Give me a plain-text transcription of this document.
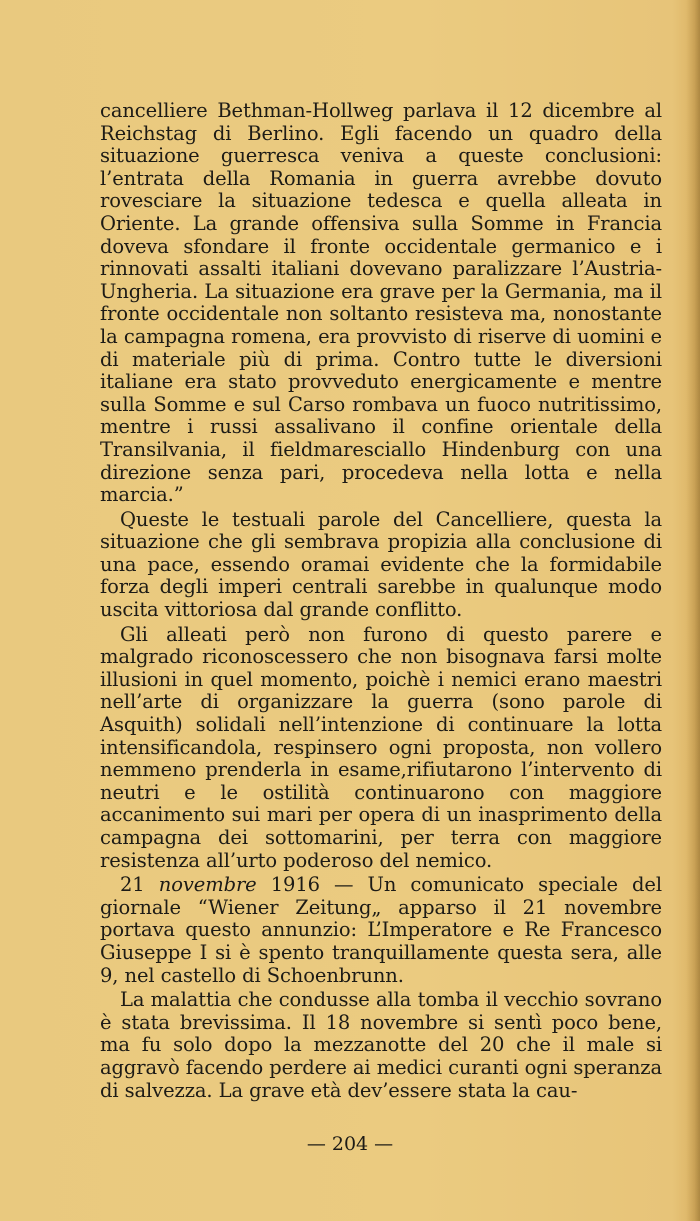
cancelliere Bethman-Hollweg parlava il 12 dicembre al Reichstag di Berlino. Egli facendo un quadro della situazione guerresca veniva a queste conclusioni: l’entrata della Romania in guerra avrebbe dovuto rovesciare la situazione tedesca e quella alleata in Oriente. La grande offensiva sulla Somme in Francia doveva sfondare il fronte occidentale germanico e i rinnovati assalti italiani dovevano paralizzare l’Austria-Ungheria. La situazione era grave per la Germania, ma il fronte occidentale non soltanto resisteva ma, nonostante la campagna romena, era provvisto di riserve di uomini e di materiale più di prima. Contro tutte le diversioni italiane era stato provveduto energicamente e mentre sulla Somme e sul Carso rombava un fuoco nutritissimo, mentre i russi assalivano il confine orientale della Transilvania, il fieldmaresciallo Hindenburg con una direzione senza pari, procedeva nella lotta e nella marcia.”

Queste le testuali parole del Cancelliere, questa la situazione che gli sembrava propizia alla conclusione di una pace, essendo oramai evidente che la formidabile forza degli imperi centrali sarebbe in qualunque modo uscita vittoriosa dal grande conflitto.

Gli alleati però non furono di questo parere e malgrado riconoscessero che non bisognava farsi molte illusioni in quel momento, poichè i nemici erano maestri nell’arte di organizzare la guerra (sono parole di Asquith) solidali nell’intenzione di continuare la lotta intensificandola, respinsero ogni proposta, non vollero nemmeno prenderla in esame,rifiutarono l’intervento di neutri e le ostilità continuarono con maggiore accanimento sui mari per opera di un inasprimento della campagna dei sottomarini, per terra con maggiore resistenza all’urto poderoso del nemico.

21 novembre 1916 — Un comunicato speciale del giornale “Wiener Zeitung„ apparso il 21 novembre portava questo annunzio: L’Imperatore e Re Francesco Giuseppe I si è spento tranquillamente questa sera, alle 9, nel castello di Schoenbrunn.

La malattia che condusse alla tomba il vecchio sovrano è stata brevissima. Il 18 novembre si sentì poco bene, ma fu solo dopo la mezzanotte del 20 che il male si aggravò facendo perdere ai medici curanti ogni speranza di salvezza. La grave età dev’essere stata la cau-

— 204 —
